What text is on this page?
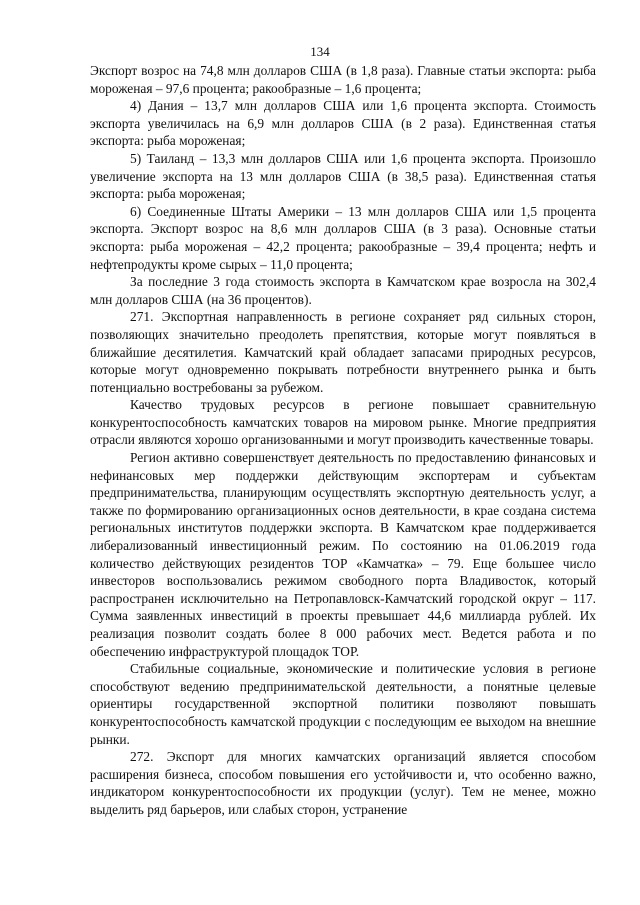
134

Экспорт возрос на 74,8 млн долларов США (в 1,8 раза). Главные статьи экспорта: рыба мороженая – 97,6 процента; ракообразные – 1,6 процента;

4) Дания – 13,7 млн долларов США или 1,6 процента экспорта. Стоимость экспорта увеличилась на 6,9 млн долларов США (в 2 раза). Единственная статья экспорта: рыба мороженая;

5) Таиланд – 13,3 млн долларов США или 1,6 процента экспорта. Произошло увеличение экспорта на 13 млн долларов США (в 38,5 раза). Единственная статья экспорта: рыба мороженая;

6) Соединенные Штаты Америки – 13 млн долларов США или 1,5 процента экспорта. Экспорт возрос на 8,6 млн долларов США (в 3 раза). Основные статьи экспорта: рыба мороженая – 42,2 процента; ракообразные – 39,4 процента; нефть и нефтепродукты кроме сырых – 11,0 процента;

За последние 3 года стоимость экспорта в Камчатском крае возросла на 302,4 млн долларов США (на 36 процентов).

271. Экспортная направленность в регионе сохраняет ряд сильных сторон, позволяющих значительно преодолеть препятствия, которые могут появляться в ближайшие десятилетия. Камчатский край обладает запасами природных ресурсов, которые могут одновременно покрывать потребности внутреннего рынка и быть потенциально востребованы за рубежом.

Качество трудовых ресурсов в регионе повышает сравнительную конкурентоспособность камчатских товаров на мировом рынке. Многие предприятия отрасли являются хорошо организованными и могут производить качественные товары.

Регион активно совершенствует деятельность по предоставлению финансовых и нефинансовых мер поддержки действующим экспортерам и субъектам предпринимательства, планирующим осуществлять экспортную деятельность услуг, а также по формированию организационных основ деятельности, в крае создана система региональных институтов поддержки экспорта. В Камчатском крае поддерживается либерализованный инвестиционный режим. По состоянию на 01.06.2019 года количество действующих резидентов ТОР «Камчатка» – 79. Еще большее число инвесторов воспользовались режимом свободного порта Владивосток, который распространен исключительно на Петропавловск-Камчатский городской округ – 117. Сумма заявленных инвестиций в проекты превышает 44,6 миллиарда рублей. Их реализация позволит создать более 8 000 рабочих мест. Ведется работа и по обеспечению инфраструктурой площадок ТОР.

Стабильные социальные, экономические и политические условия в регионе способствуют ведению предпринимательской деятельности, а понятные целевые ориентиры государственной экспортной политики позволяют повышать конкурентоспособность камчатской продукции с последующим ее выходом на внешние рынки.

272. Экспорт для многих камчатских организаций является способом расширения бизнеса, способом повышения его устойчивости и, что особенно важно, индикатором конкурентоспособности их продукции (услуг). Тем не менее, можно выделить ряд барьеров, или слабых сторон, устранение
